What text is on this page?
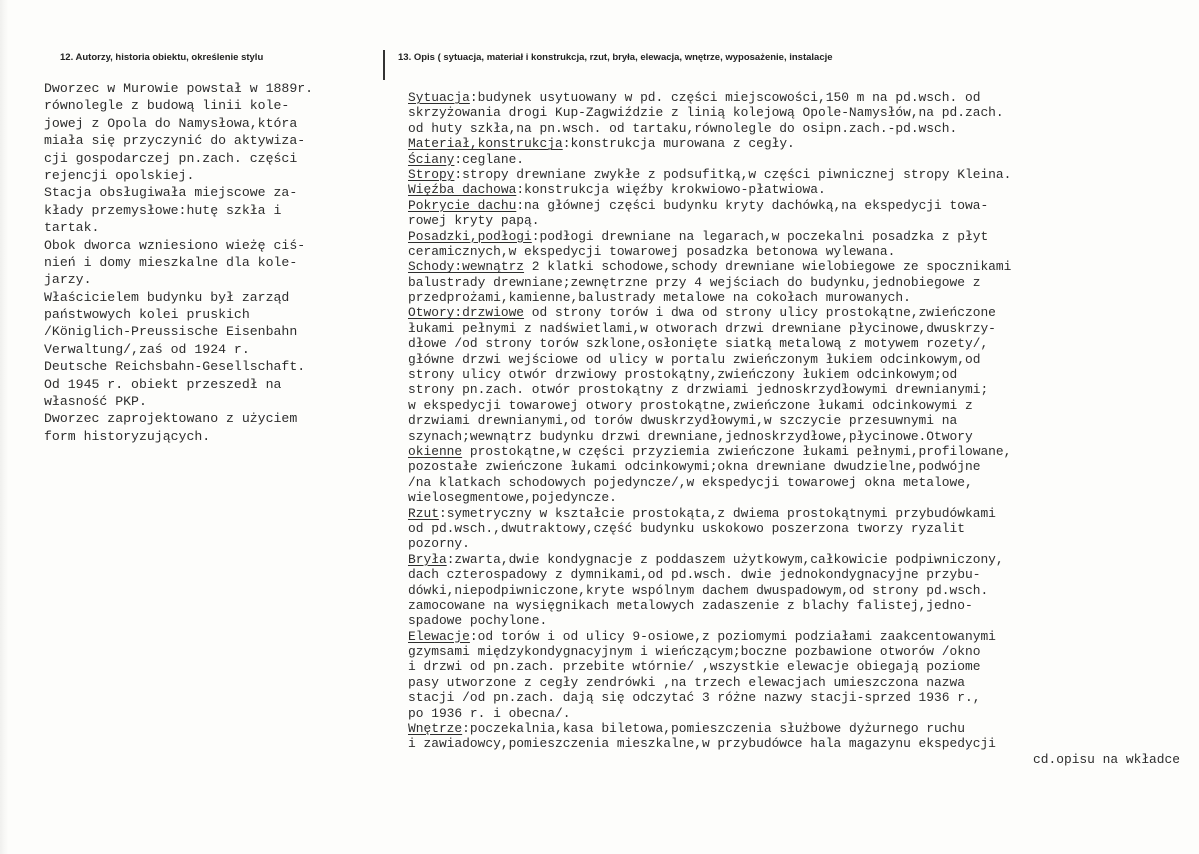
12. Autorzy, historia obiektu, określenie stylu	13. Opis ( sytuacja, materiał i konstrukcja, rzut, bryła, elewacja, wnętrze, wyposażenie, instalacje
Dworzec w Murowie powstał w 1889r.
równolegle z budową linii kole-
jowej z Opola do Namysłowa,która
miała się przyczynić do aktywiza-
cji gospodarczej pn.zach. części
rejencji opolskiej.
Stacja obsługiwała miejscowe za-
kłady przemysłowe:hutę szkła i
tartak.
Obok dworca wzniesiono wieżę ciś-
nień i domy mieszkalne dla kole-
jarzy.
Właścicielem budynku był zarząd
państwowych kolei pruskich
/Königlich-Preussische Eisenbahn
Verwaltung/,zaś od 1924 r.
Deutsche Reichsbahn-Gesellschaft.
Od 1945 r. obiekt przeszedł na
własność PKP.
Dworzec zaprojektowano z użyciem
form historyzujących.
Sytuacja:budynek usytuowany w pd. części miejscowości,150 m na pd.wsch. od
skrzyżowania drogi Kup-Zagwiździe z linią kolejową Opole-Namysłów,na pd.zach.
od huty szkła,na pn.wsch. od tartaku,równolegle do osipn.zach.-pd.wsch.
Materiał,konstrukcja:konstrukcja murowana z cegły.
Ściany:ceglane.
Stropy:stropy drewniane zwykłe z podsufitką,w części piwnicznej stropy Kleina.
Więźba dachowa:konstrukcja więźby krokwiowo-płatwiowa.
Pokrycie dachu:na głównej części budynku kryty dachówką,na ekspedycji towa-
rowej kryty papą.
Posadzki,podłogi:podłogi drewniane na legarach,w poczekalni posadzka z płyt
ceramicznych,w ekspedycji towarowej posadzka betonowa wylewana.
Schody:wewnątrz 2 klatki schodowe,schody drewniane wielobiegowe ze spocznikami
balustrady drewniane;zewnętrzne przy 4 wejściach do budynku,jednobiegowe z
przedprożami,kamienne,balustrady metalowe na cokołach murowanych.
Otwory:drzwiowe od strony torów i dwa od strony ulicy prostokątne,zwieńczone
łukami pełnymi z nadświetlami,w otworach drzwi drewniane płycinowe,dwuskrzy-
dłowe /od strony torów szklone,osłonięte siatką metalową z motywem rozety/,
główne drzwi wejściowe od ulicy w portalu zwieńczonym łukiem odcinkowym,od
strony ulicy otwór drzwiowy prostokątny,zwieńczony łukiem odcinkowym;od
strony pn.zach. otwór prostokątny z drzwiami jednoskrzydłowymi drewnianymi;
w ekspedycji towarowej otwory prostokątne,zwieńczone łukami odcinkowymi z
drzwiami drewnianymi,od torów dwuskrzydłowymi,w szczycie przesuwnymi na
szynach;wewnątrz budynku drzwi drewniane,jednoskrzydłowe,płycinowe.Otwory
okienne prostokątne,w części przyziemia zwieńczone łukami pełnymi,profilowane,
pozostałe zwieńczone łukami odcinkowymi;okna drewniane dwudzielne,podwójne
/na klatkach schodowych pojedyncze/,w ekspedycji towarowej okna metalowe,
wielosegmentowe,pojedyncze.
Rzut:symetryczny w kształcie prostokąta,z dwiema prostokątnymi przybudówkami
od pd.wsch.,dwutraktowy,część budynku uskokowo poszerzona tworzy ryzalit
pozorny.
Bryła:zwarta,dwie kondygnacje z poddaszem użytkowym,całkowicie podpiwniczony,
dach czterospadowy z dymnikami,od pd.wsch. dwie jednokondygnacyjne przybu-
dówki,niepodpiwniczone,kryte wspólnym dachem dwuspadowym,od strony pd.wsch.
zamocowane na wysięgnikach metalowych zadaszenie z blachy falistej,jedno-
spadowe pochylone.
Elewacje:od torów i od ulicy 9-osiowe,z poziomymi podziałami zaakcentowanymi
gzymsami międzykondygnacyjnym i wieńczącym;boczne pozbawione otworów /okno
i drzwi od pn.zach. przebite wtórnie/ ,wszystkie elewacje obiegają poziome
pasy utworzone z cegły zendrówki ,na trzech elewacjach umieszczona nazwa
stacji /od pn.zach. dają się odczytać 3 różne nazwy stacji-sprzed 1936 r.,
po 1936 r. i obecna/.
Wnętrze:poczekalnia,kasa biletowa,pomieszczenia służbowe dyżurnego ruchu
i zawiadowcy,pomieszczenia mieszkalne,w przybudówce hala magazynu ekspedycji
cd.opisu na wkładce
